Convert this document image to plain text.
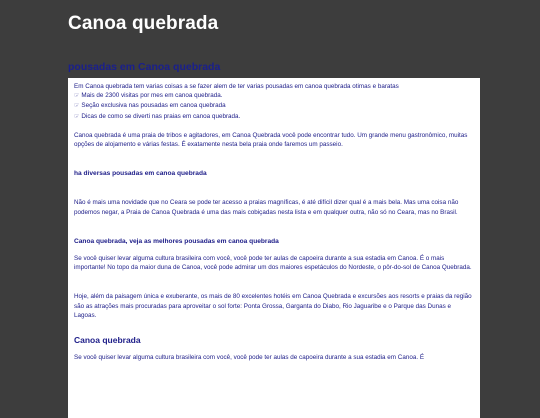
Canoa quebrada
pousadas em Canoa quebrada

Em Canoa quebrada tem varias coisas a se fazer alem de ter varias pousadas em canoa quebrada otimas e baratas

☞ Mais de 2300 visitas por mes em canoa quebrada.
☞ Seção exclusiva nas pousadas em canoa quebrada
☞ Dicas de como se diverti nas praias em canoa quebrada.

Canoa quebrada é uma praia de tribos e agitadores, em Canoa Quebrada você pode encontrar tudo. Um grande menu gastronômico, muitas opções de alojamento e várias festas. É exatamente nesta bela praia onde faremos um passeio.

ha diversas pousadas em canoa quebrada

Não é mais uma novidade que no Ceara se pode ter acesso a praias magníficas, é até difícil dizer qual é a mais bela. Mas uma coisa não podemos negar, a Praia de Canoa Quebrada é uma das mais cobiçadas nesta lista e em qualquer outra, não só no Ceara, mas no Brasil.

Canoa quebrada, veja as melhores pousadas em canoa quebrada

Se você quiser levar alguma cultura brasileira com você, você pode ter aulas de capoeira durante a sua estadia em Canoa. É o mais importante! No topo da maior duna de Canoa, você pode admirar um dos maiores espetáculos do Nordeste, o pôr-do-sol de Canoa Quebrada.

Hoje, além da paisagem única e exuberante, os mais de 80 excelentes hotéis em Canoa Quebrada e excursões aos resorts e praias da região são as atrações mais procuradas para aproveitar o sol forte: Ponta Grossa, Garganta do Diabo, Rio Jaguaribe e o Parque das Dunas e Lagoas.

Canoa quebrada

Se você quiser levar alguma cultura brasileira com você, você pode ter aulas de capoeira durante a sua estadia em Canoa. É
